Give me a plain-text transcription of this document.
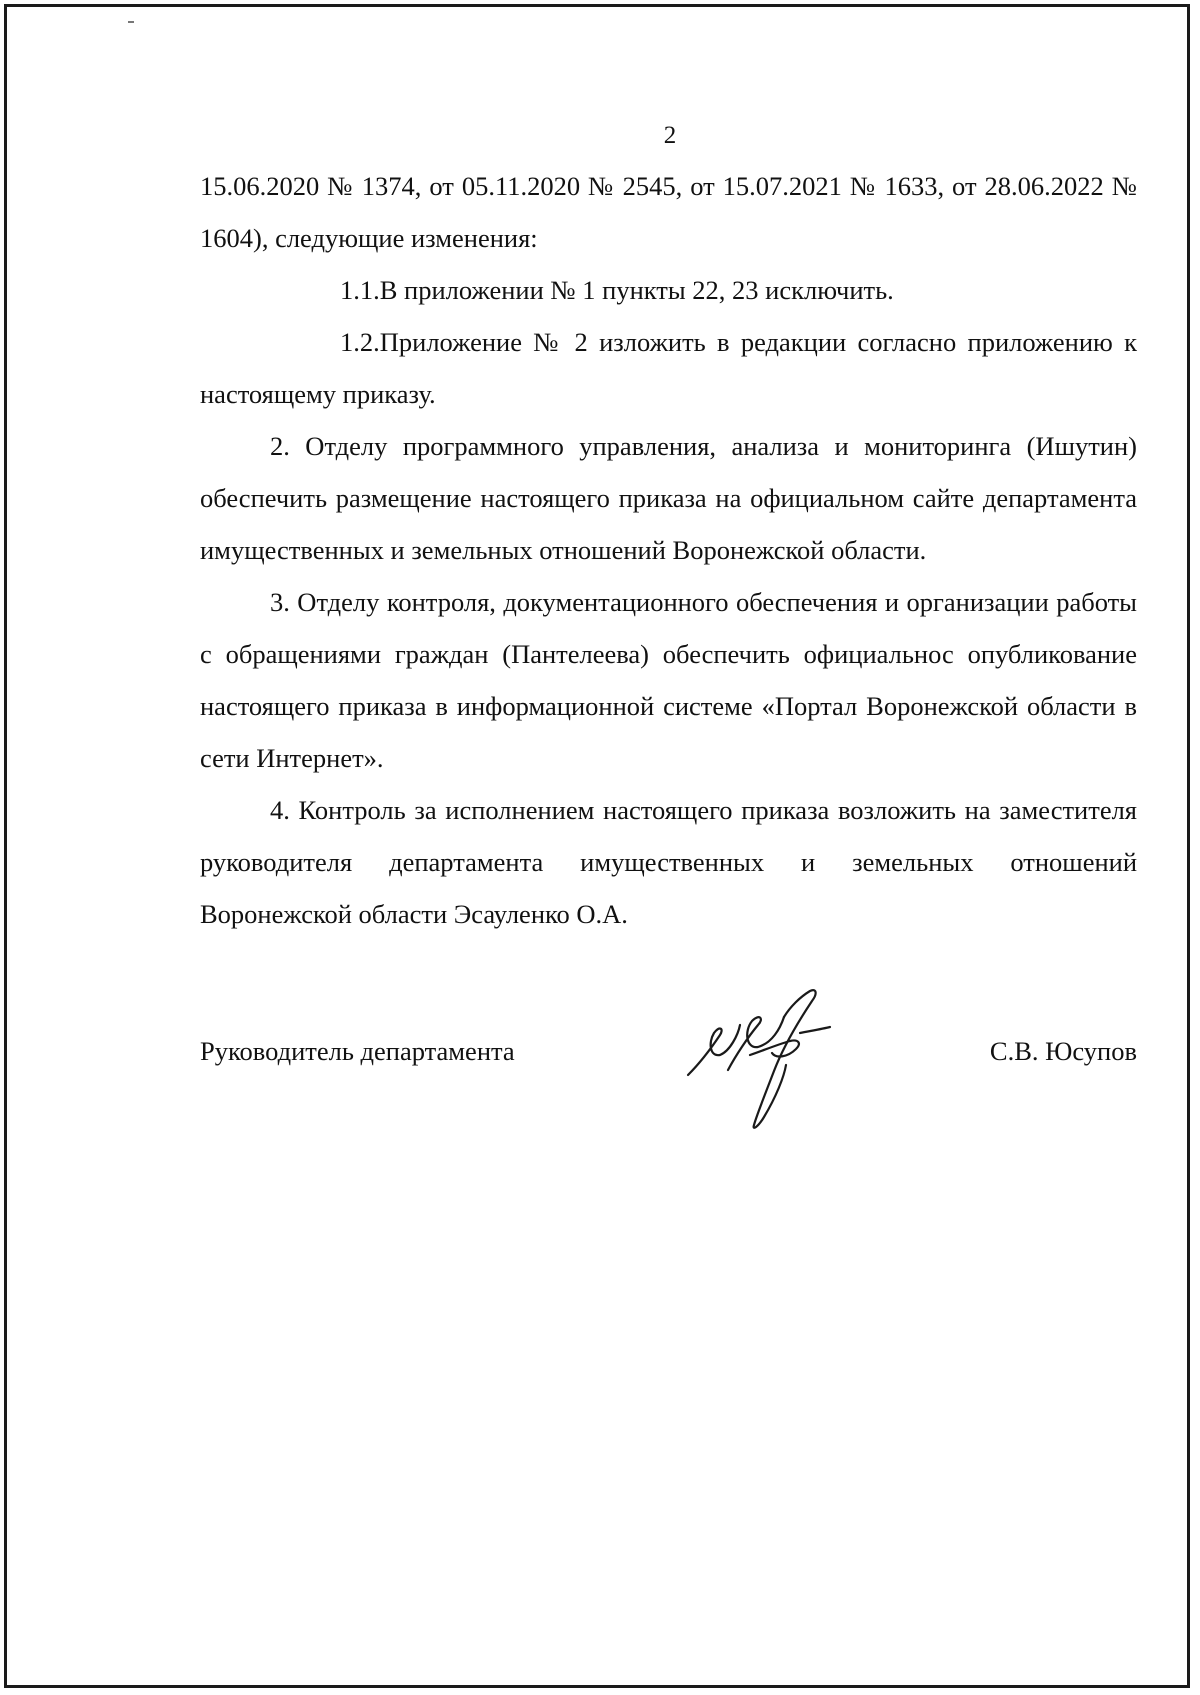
2

15.06.2020 № 1374, от 05.11.2020 № 2545, от 15.07.2021 № 1633, от 28.06.2022 № 1604), следующие изменения:

1.1.В приложении № 1 пункты 22, 23 исключить.

1.2.Приложение № 2 изложить в редакции согласно приложению к настоящему приказу.

2. Отделу программного управления, анализа и мониторинга (Ишутин) обеспечить размещение настоящего приказа на официальном сайте департамента имущественных и земельных отношений Воронежской области.

3. Отделу контроля, документационного обеспечения и организации работы с обращениями граждан (Пантелеева) обеспечить официальнос опубликование настоящего приказа в информационной системе «Портал Воронежской области в сети Интернет».

4. Контроль за исполнением настоящего приказа возложить на заместителя руководителя департамента имущественных и земельных отношений Воронежской области Эсауленко О.А.

Руководитель департамента	С.В. Юсупов
